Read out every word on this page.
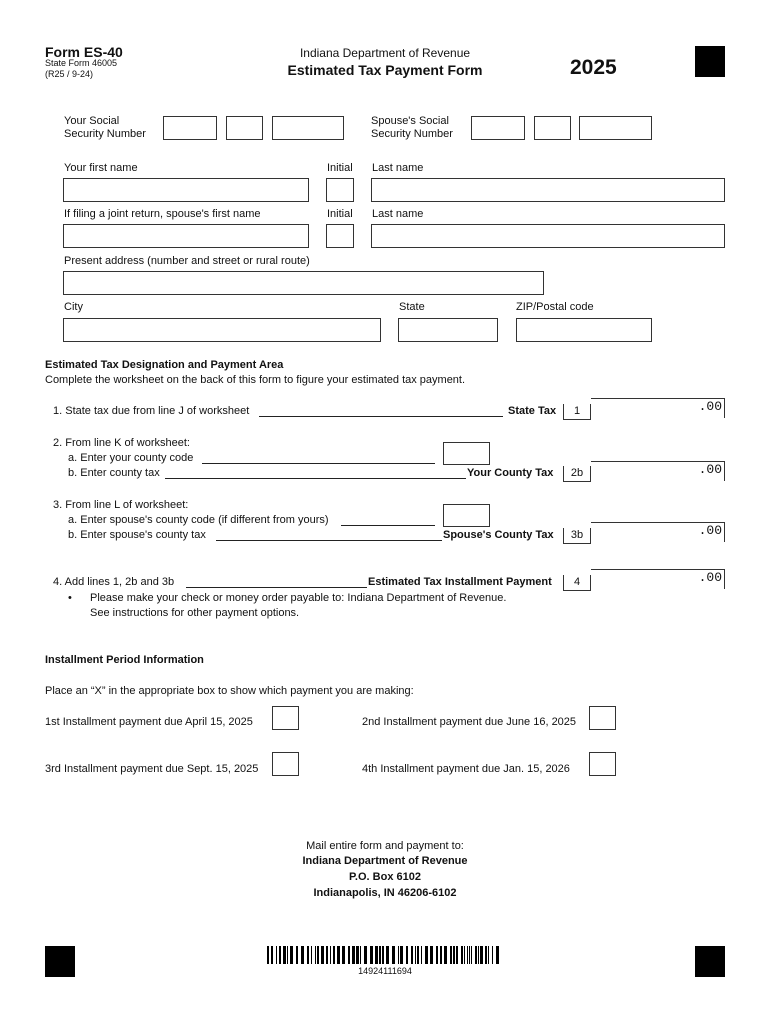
Form ES-40
State Form 46005
(R25 / 9-24)
Indiana Department of Revenue
Estimated Tax Payment Form	2025
Your Social
Security Number
Spouse's Social
Security Number
Your first name	Initial Last name
If filing a joint return, spouse's first name	Initial Last name
Present address (number and street or rural route)
City	State	ZIP/Postal code
Estimated Tax Designation and Payment Area
Complete the worksheet on the back of this form to figure your estimated tax payment.
1. State tax due from line J of worksheet	State Tax	1	.00
2. From line K of worksheet:
a. Enter your county code
b. Enter county tax	Your County Tax	2b	.00
3. From line L of worksheet:
a. Enter spouse's county code (if different from yours)
b. Enter spouse's county tax	Spouse's County Tax	3b	.00
4. Add lines 1, 2b and 3b	Estimated Tax Installment Payment	4	.00
• Please make your check or money order payable to: Indiana Department of Revenue.
See instructions for other payment options.
Installment Period Information
Place an “X” in the appropriate box to show which payment you are making:
1st Installment payment due April 15, 2025	2nd Installment payment due June 16, 2025
3rd Installment payment due Sept. 15, 2025	4th Installment payment due Jan. 15, 2026
Mail entire form and payment to:
Indiana Department of Revenue
P.O. Box 6102
Indianapolis, IN 46206-6102
14924111694
